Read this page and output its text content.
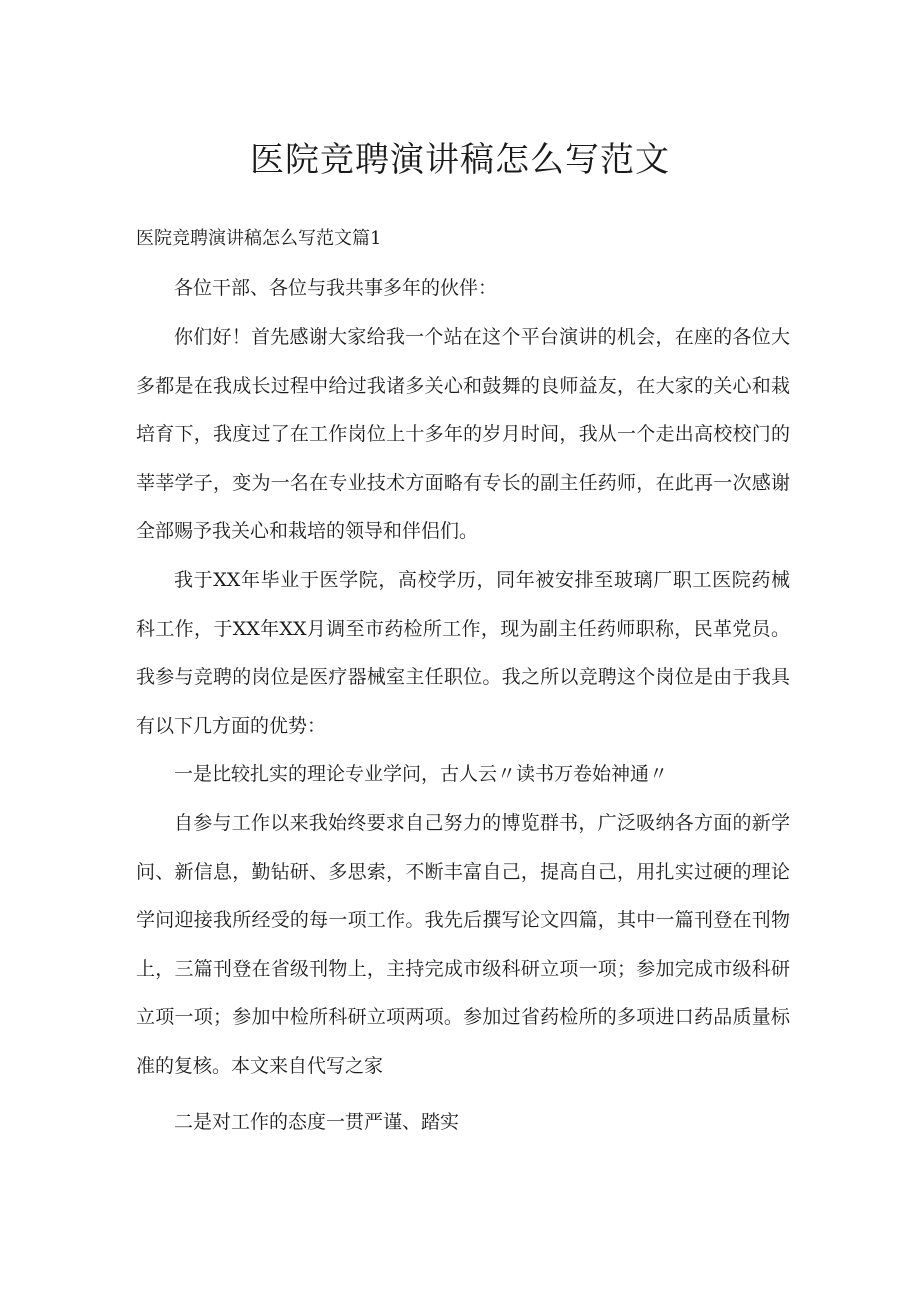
医院竞聘演讲稿怎么写范文

医院竞聘演讲稿怎么写范文篇1

各位干部、各位与我共事多年的伙伴：

你们好！首先感谢大家给我一个站在这个平台演讲的机会，在座的各位大多都是在我成长过程中给过我诸多关心和鼓舞的良师益友，在大家的关心和栽培育下，我度过了在工作岗位上十多年的岁月时间，我从一个走出高校校门的莘莘学子，变为一名在专业技术方面略有专长的副主任药师，在此再一次感谢全部赐予我关心和栽培的领导和伴侣们。

我于XX年毕业于医学院，高校学历，同年被安排至玻璃厂职工医院药械科工作，于XX年XX月调至市药检所工作，现为副主任药师职称，民革党员。我参与竞聘的岗位是医疗器械室主任职位。我之所以竞聘这个岗位是由于我具有以下几方面的优势：

一是比较扎实的理论专业学问，古人云〃读书万卷始神通〃

自参与工作以来我始终要求自己努力的博览群书，广泛吸纳各方面的新学问、新信息，勤钻研、多思索，不断丰富自己，提高自己，用扎实过硬的理论学问迎接我所经受的每一项工作。我先后撰写论文四篇，其中一篇刊登在刊物上，三篇刊登在省级刊物上，主持完成市级科研立项一项；参加完成市级科研立项一项；参加中检所科研立项两项。参加过省药检所的多项进口药品质量标准的复核。本文来自代写之家

二是对工作的态度一贯严谨、踏实
